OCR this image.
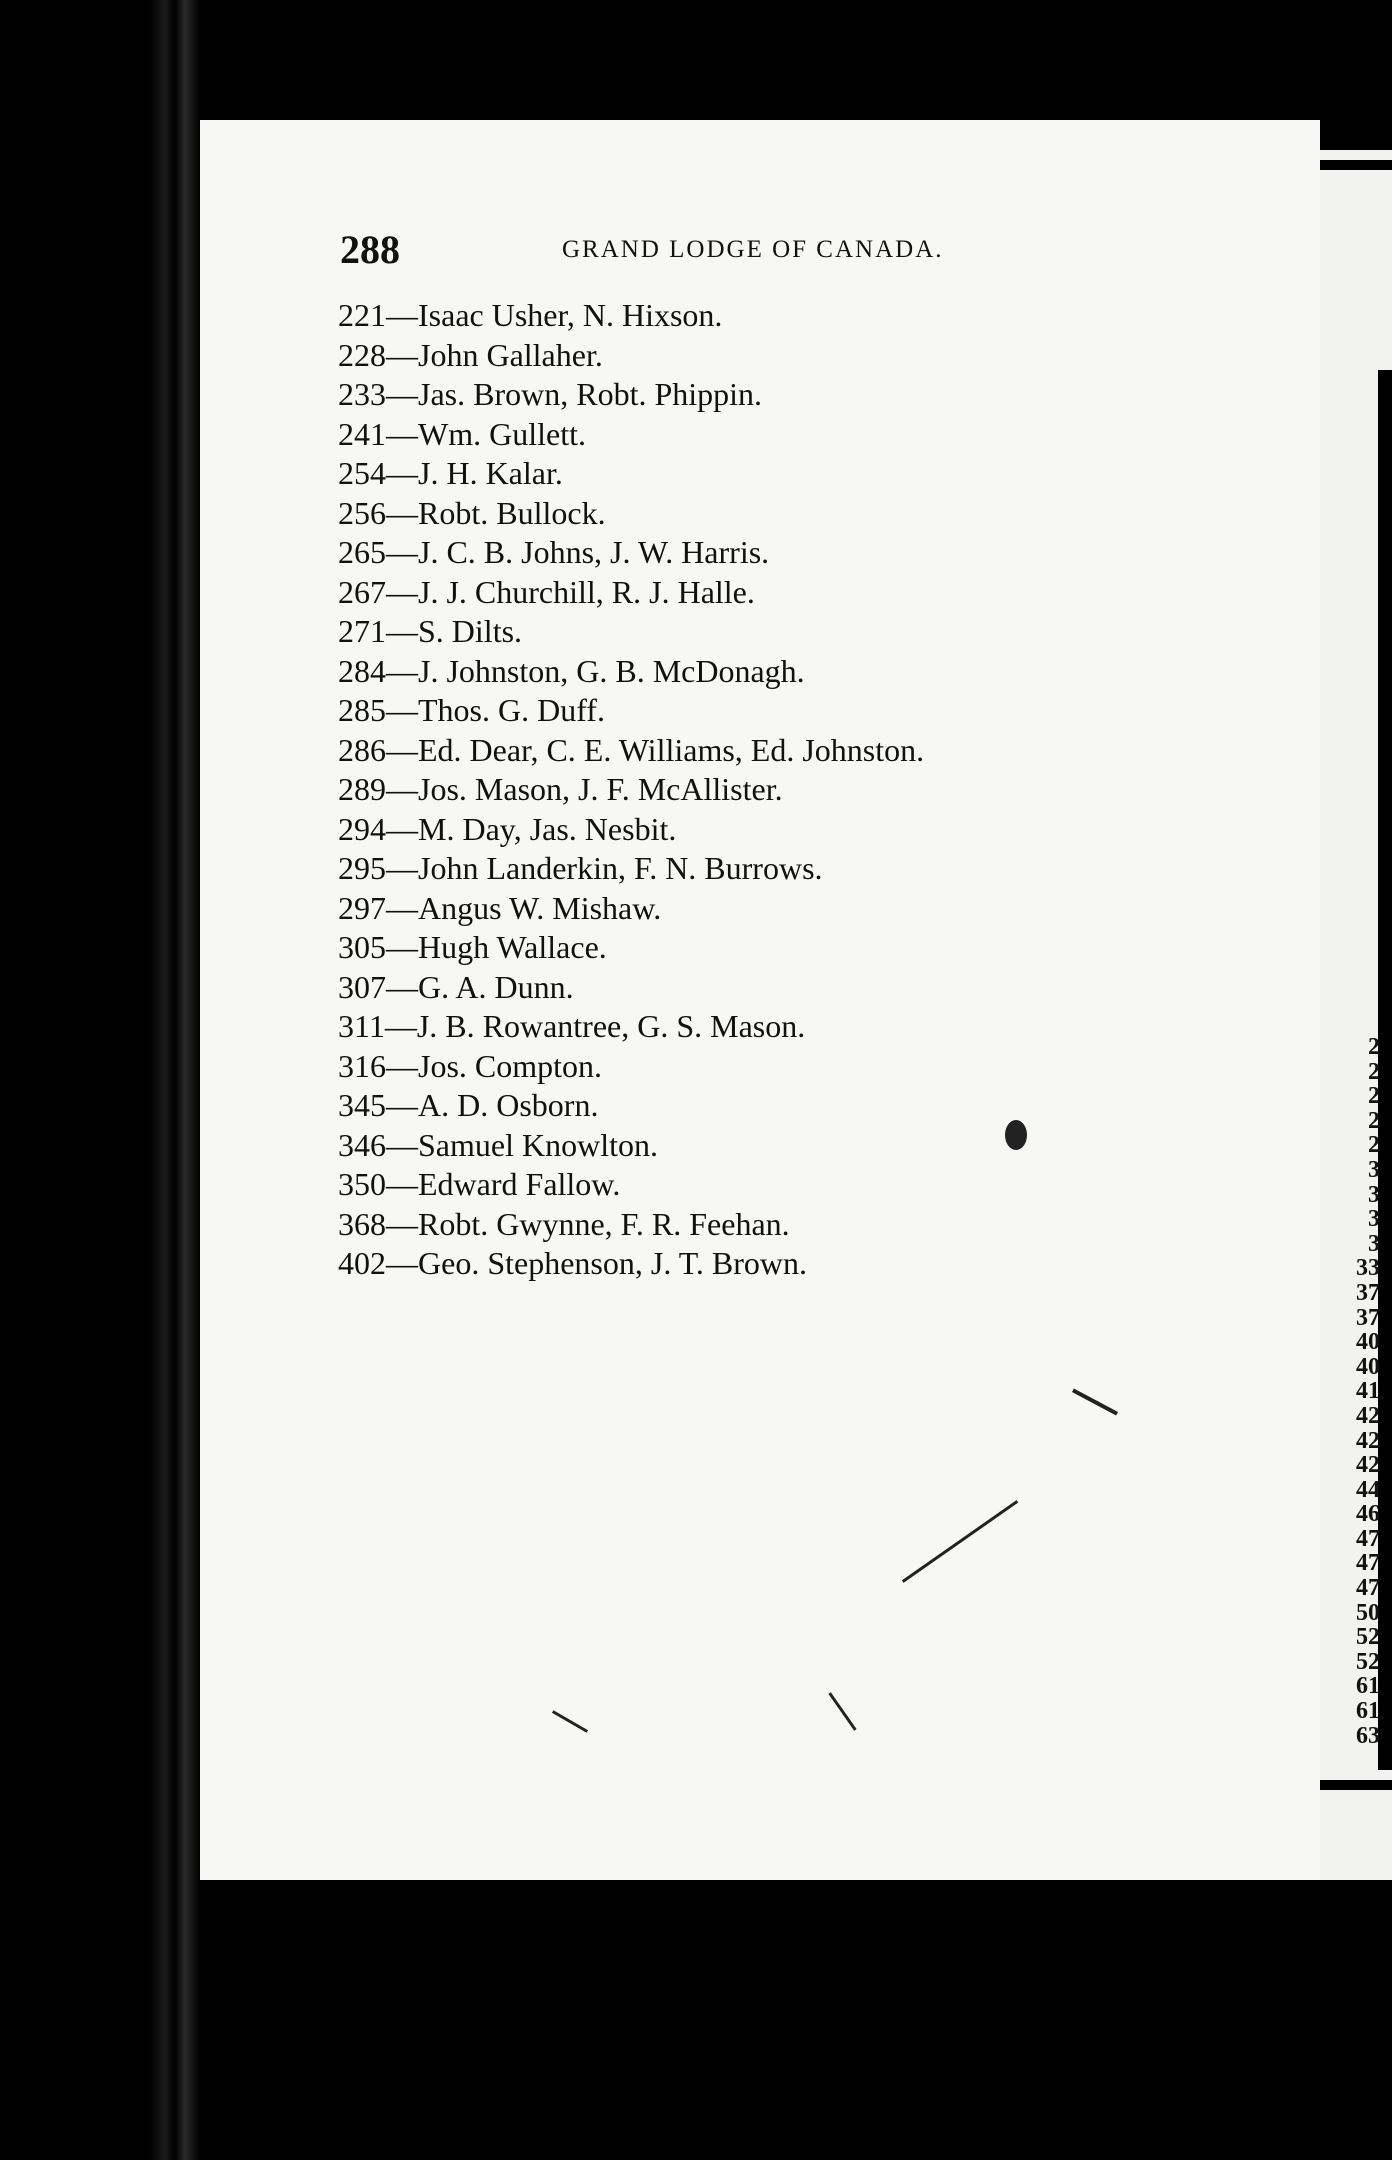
288	GRAND LODGE OF CANADA.
221—Isaac Usher, N. Hixson.
228—John Gallaher.
233—Jas. Brown, Robt. Phippin.
241—Wm. Gullett.
254—J. H. Kalar.
256—Robt. Bullock.
265—J. C. B. Johns, J. W. Harris.
267—J. J. Churchill, R. J. Halle.
271—S. Dilts.
284—J. Johnston, G. B. McDonagh.
285—Thos. G. Duff.
286—Ed. Dear, C. E. Williams, Ed. Johnston.
289—Jos. Mason, J. F. McAllister.
294—M. Day, Jas. Nesbit.
295—John Landerkin, F. N. Burrows.
297—Angus W. Mishaw.
305—Hugh Wallace.
307—G. A. Dunn.
311—J. B. Rowantree, G. S. Mason.
316—Jos. Compton.
345—A. D. Osborn.
346—Samuel Knowlton.
350—Edward Fallow.
368—Robt. Gwynne, F. R. Feehan.
402—Geo. Stephenson, J. T. Brown.
2
2
2
2
2
3
3
3
3
33
37
37
40
40
41
42
42
42
44
46
47
47
47
50
52
52
61
61
63
